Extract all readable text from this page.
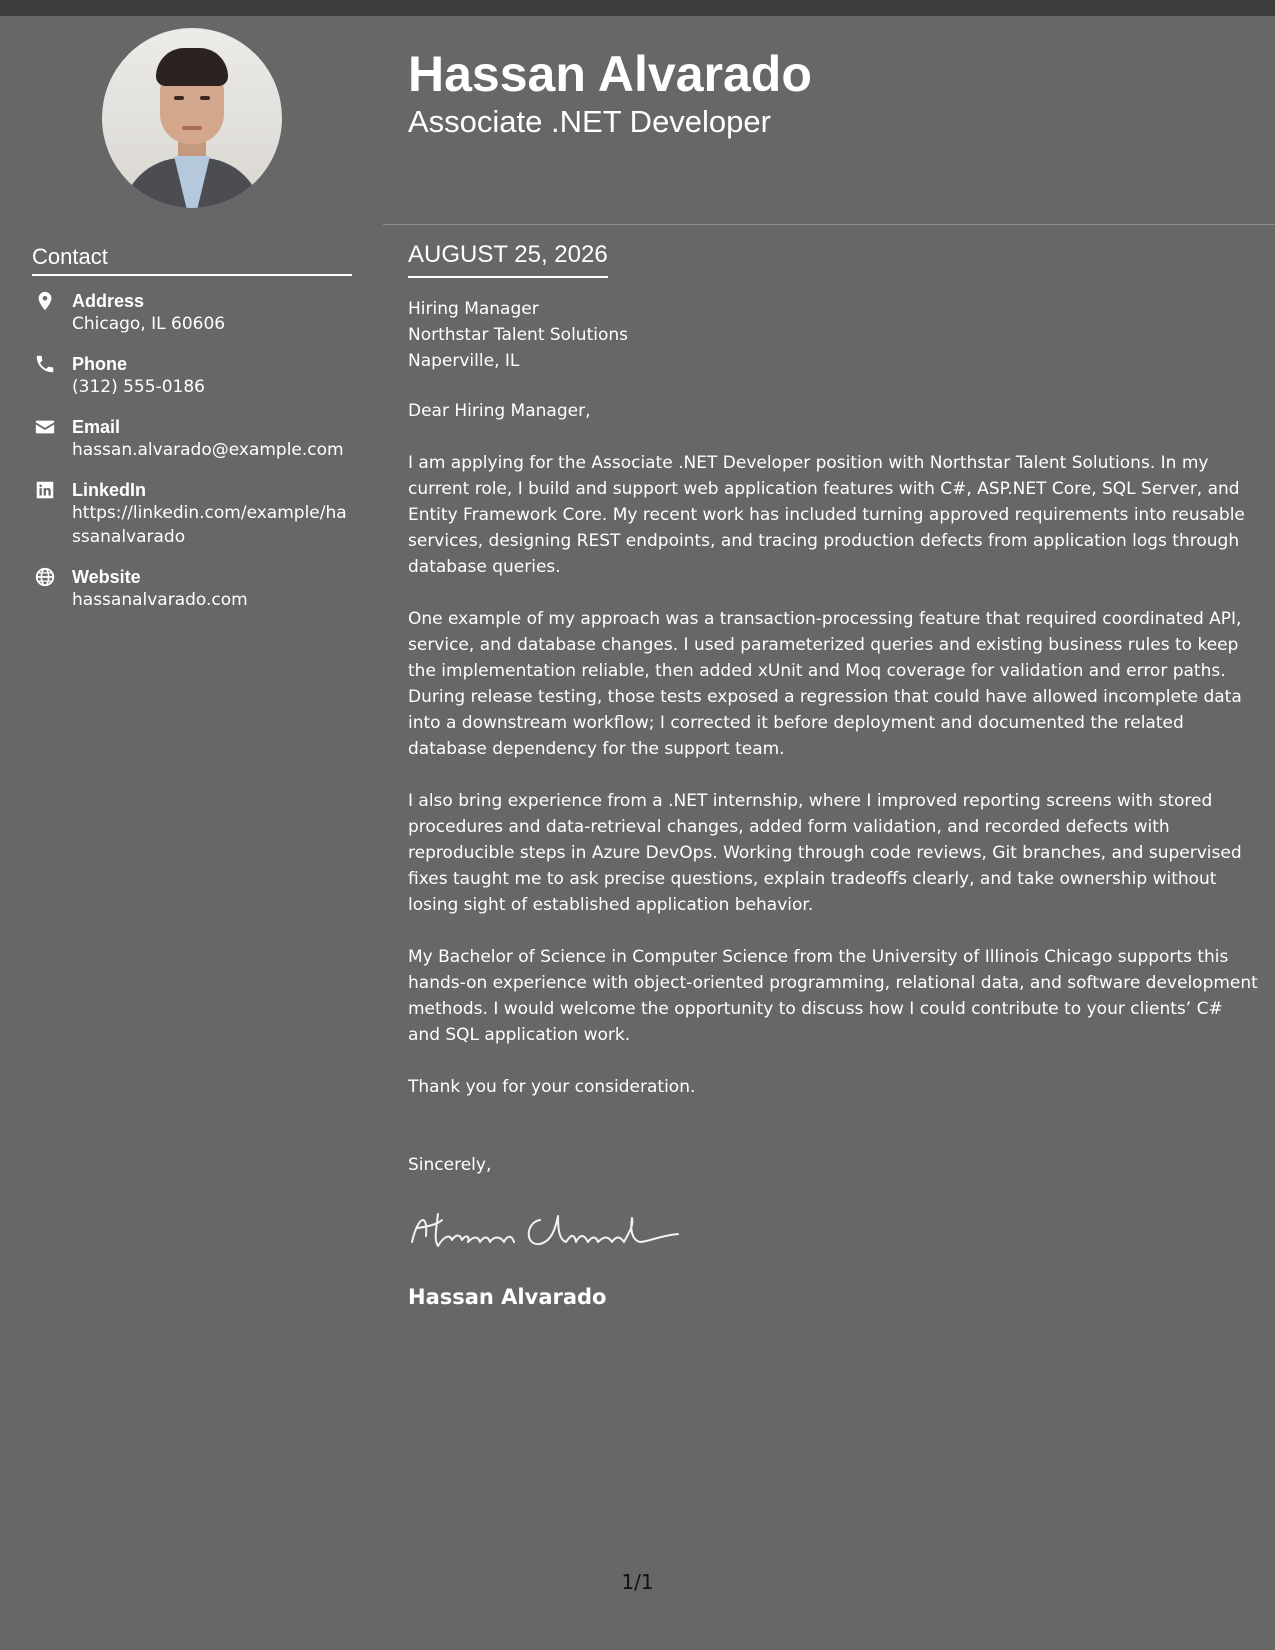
Contact
Address
Chicago, IL 60606
Phone
(312) 555-0186
Email
hassan.alvarado@example.com
LinkedIn
https://linkedin.com/example/hassanalvarado
Website
hassanalvarado.com
Hassan Alvarado
Associate .NET Developer
AUGUST 25, 2026
Hiring Manager
Northstar Talent Solutions
Naperville, IL
Dear Hiring Manager,
I am applying for the Associate .NET Developer position with Northstar Talent Solutions. In my current role, I build and support web application features with C#, ASP.NET Core, SQL Server, and Entity Framework Core. My recent work has included turning approved requirements into reusable services, designing REST endpoints, and tracing production defects from application logs through database queries.
One example of my approach was a transaction-processing feature that required coordinated API, service, and database changes. I used parameterized queries and existing business rules to keep the implementation reliable, then added xUnit and Moq coverage for validation and error paths. During release testing, those tests exposed a regression that could have allowed incomplete data into a downstream workflow; I corrected it before deployment and documented the related database dependency for the support team.
I also bring experience from a .NET internship, where I improved reporting screens with stored procedures and data-retrieval changes, added form validation, and recorded defects with reproducible steps in Azure DevOps. Working through code reviews, Git branches, and supervised fixes taught me to ask precise questions, explain tradeoffs clearly, and take ownership without losing sight of established application behavior.
My Bachelor of Science in Computer Science from the University of Illinois Chicago supports this hands-on experience with object-oriented programming, relational data, and software development methods. I would welcome the opportunity to discuss how I could contribute to your clients’ C# and SQL application work.
Thank you for your consideration.
Sincerely,
Hassan Alvarado
1/1
